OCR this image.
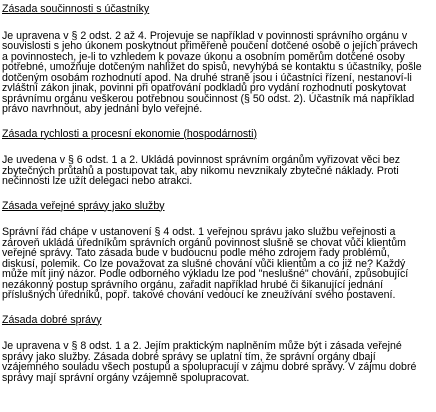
Zásada součinnosti s účastníky
Je upravena v § 2 odst. 2 až 4. Projevuje se například v povinnosti správního orgánu v souvislosti s jeho úkonem poskytnout přiměřené poučení dotčené osobě o jejích právech a povinnostech, je-li to vzhledem k povaze úkonu a osobním poměrům dotčené osoby potřebné, umožňuje dotčeným nahlížet do spisů, nevyhýbá se kontaktu s účastníky, pošle dotčeným osobám rozhodnutí apod. Na druhé straně jsou i účastníci řízení, nestanoví-li zvláštní zákon jinak, povinni při opatřování podkladů pro vydání rozhodnutí poskytovat správnímu orgánu veškerou potřebnou součinnost (§ 50 odst. 2). Účastník má například právo navrhnout, aby jednání bylo veřejné.
Zásada rychlosti a procesní ekonomie (hospodárnosti)
Je uvedena v § 6 odst. 1 a 2. Ukládá povinnost správním orgánům vyřizovat věci bez zbytečných průtahů a postupovat tak, aby nikomu nevznikaly zbytečné náklady. Proti nečinnosti lze užít delegaci nebo atrakci.
Zásada veřejné správy jako služby
Správní řád chápe v ustanovení § 4 odst. 1 veřejnou správu jako službu veřejnosti a zároveň ukládá úředníkům správních orgánů povinnost slušně se chovat vůči klientům veřejné správy. Tato zásada bude v budoucnu podle mého zdrojem řady problémů, diskusí, polemik. Co lze považovat za slušné chování vůči klientům a co již ne? Každý může mít jiný názor. Podle odborného výkladu lze pod "neslušné" chování, způsobující nezákonný postup správního orgánu, zařadit například hrubé či šikanující jednání příslušných úředníků, popř. takové chování vedoucí ke zneužívání svého postavení.
Zásada dobré správy
Je upravena v § 8 odst. 1 a 2. Jejím praktickým naplněním může být i zásada veřejné správy jako služby. Zásada dobré správy se uplatní tím, že správní orgány dbají vzájemného souladu všech postupů a spolupracují v zájmu dobré správy. V zájmu dobré správy mají správní orgány vzájemně spolupracovat.
